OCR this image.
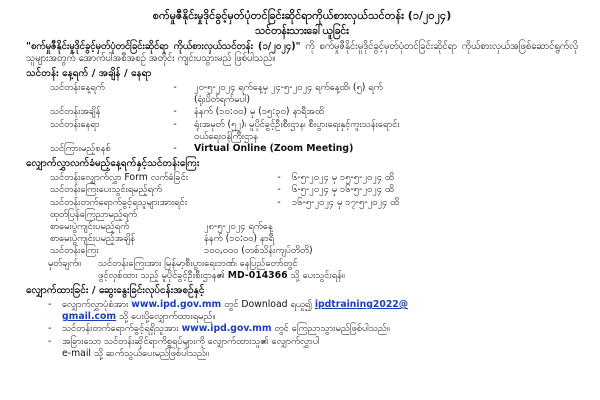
စက်မှုဇီနိုင်းမှုဒိုင်ခွင့်မှတ်ပုံတင်ခြင်းဆိုင်ရာကိုယ်စားလှယ်သင်တန်း (၁/၂၀၂၄)

သင်တန်းသားခေါ်ယူခြင်း

"စက်မှုဇီနိုင်းမှုဒိုင်ခွင့်မှတ်ပုံတင်ခြင်းဆိုင်ရာ ကိုယ်စားလှယ်သင်တန်း (၁/၂၀၂၄)" ကို စက်မှုဇီနိုင်းမှုဒိုင်ခွင့်မှတ်ပုံတင်ခြင်းဆိုင်ရာ ကိုယ်စားလှယ်အဖြစ်ဆောင်ရွက်လိုသူများအတွက် အောက်ပါအစီအစဉ် အတိုင်း ကျင်းပသွားမည် ဖြစ်ပါသည်။

သင်တန်း နေ့ရက် / အချိန် / နေရာ
သင်တန်းနေ့ရက်	-	၂၀-၅-၂၀၂၄ ရက်နေ့မှ ၂၄-၅-၂၀၂၄ ရက်နေ့ထိ၊ (၅) ရက်
(ရုံးပိတ်ရက်မပါ)
သင်တန်းအချိန်	-	နံနက် (၁၀:၀၀) မှ (၁၅:၃၀) နာရီအထိ
သင်တန်းနေရာ	-	ရုံးအမှတ် (၅၂)၊ မူပိုင်ခွင့်ဦးစီးဌာန၊ စီးပွားရေးနှင့်ကူးသန်းရောင်း
ဝယ်ရေးဝန်ကြီးဌာန
သင်ကြားမည့်စနစ်	-	Virtual Online (Zoom Meeting)
လျှောက်လွှာလက်ခံမည့်နေ့ရက်နှင့်သင်တန်းကြေး
သင်တန်းလျှောက်လွှာ Form လက်ခံခြင်း	-	၆-၅-၂၀၂၄ မှ ၁၅-၅-၂၀၂၄ ထိ
သင်တန်းကြေးပေးသွင်းရမည့်ရက်	-	၆-၅-၂၀၂၄ မှ ၁၆-၅-၂၀၂၄ ထိ
သင်တန်းတက်ရောက်ခွင့်ရသူများအားရင်း	-	၁၆-၅-၂၀၂၄ မှ ၁၇-၅-၂၀၂၄ ထိ
ထုတ်ပြန်ကြေညာမည့်ရက်
စာမေးပွဲကျင်းပမည့်ရက်	၂၈-၅-၂၀၂၄ ရက်နေ့
စာမေးပွဲကျင်းပမည့်အချိန်	နံနက် (၁၀:၀၀) နာရီ
သင်တန်းကြေး	၁၀၀,၀၀၀ (တစ်သိန်းကျပ်တိတိ)
မှတ်ချက်။	သင်တန်းကြေးအား မြန်မာ့စီးပွားရေးဘဏ်၊ နေပြည်တော်တွင်
ဖွင့်လှစ်ထား သည့် မူပိုင်ခွင့်ဦးစီးဌာန၏ MD-014366 သို့ ပေးသွင်းရန်။
လျှောက်ထားခြင်း / ဆွေးနွေးခြင်းလုပ်ငန်းအစဉ်နှင့်
-	လျှောက်လွှာပုံစံအား www.ipd.gov.mm တွင် Download ရယူ၍ ipdtraining2022@
gmail.com သို့ ပေးပို့လျှောက်ထားရမည်။
-	သင်တန်းတက်ရောက်ခွင့်ရရှိသူအား www.ipd.gov.mm တွင် ကြေညာသွားမည်ဖြစ်ပါသည်။
-	အခြားသော သင်တန်းဆိုင်ရာကိစ္စရပ်များကို လျှောက်ထားသူ၏ လျှောက်လွှာပါ
e-mail သို့ ဆက်သွယ်ပေးမည်ဖြစ်ပါသည်။
